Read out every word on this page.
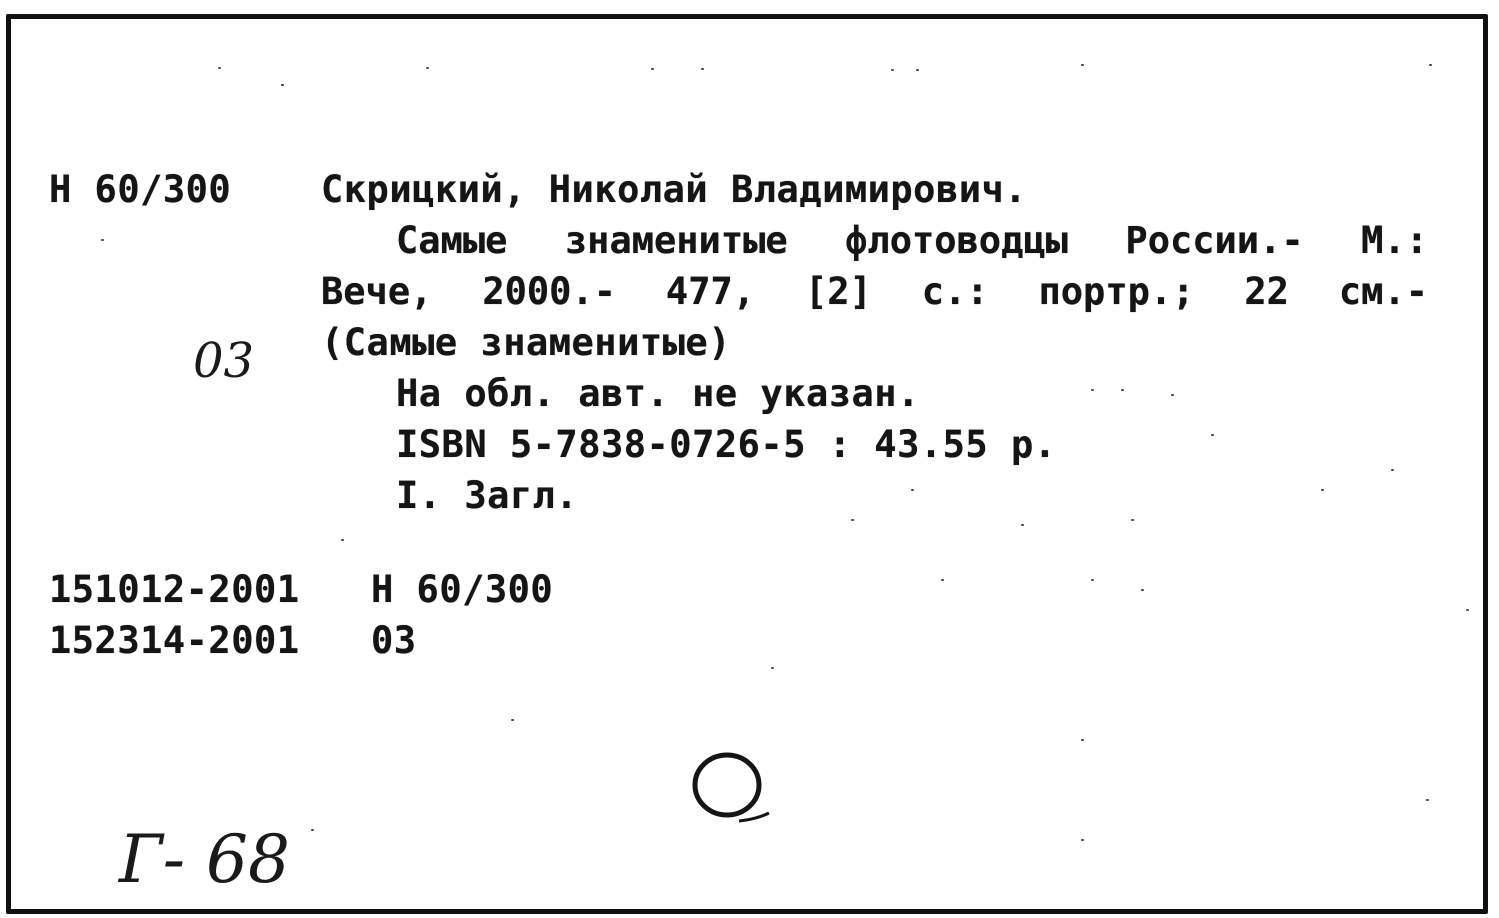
Н 60/300 Скрицкий, Николай Владимирович.
Самые знаменитые флотоводцы России.- М.:
Вече, 2000.- 477, [2] с.: портр.; 22 см.-
(Самые знаменитые)
На обл. авт. не указан.
ISBN 5-7838-0726-5 : 43.55 р.
I. Загл.
151012-2001 Н 60/300
152314-2001 03
03
Г- 68
